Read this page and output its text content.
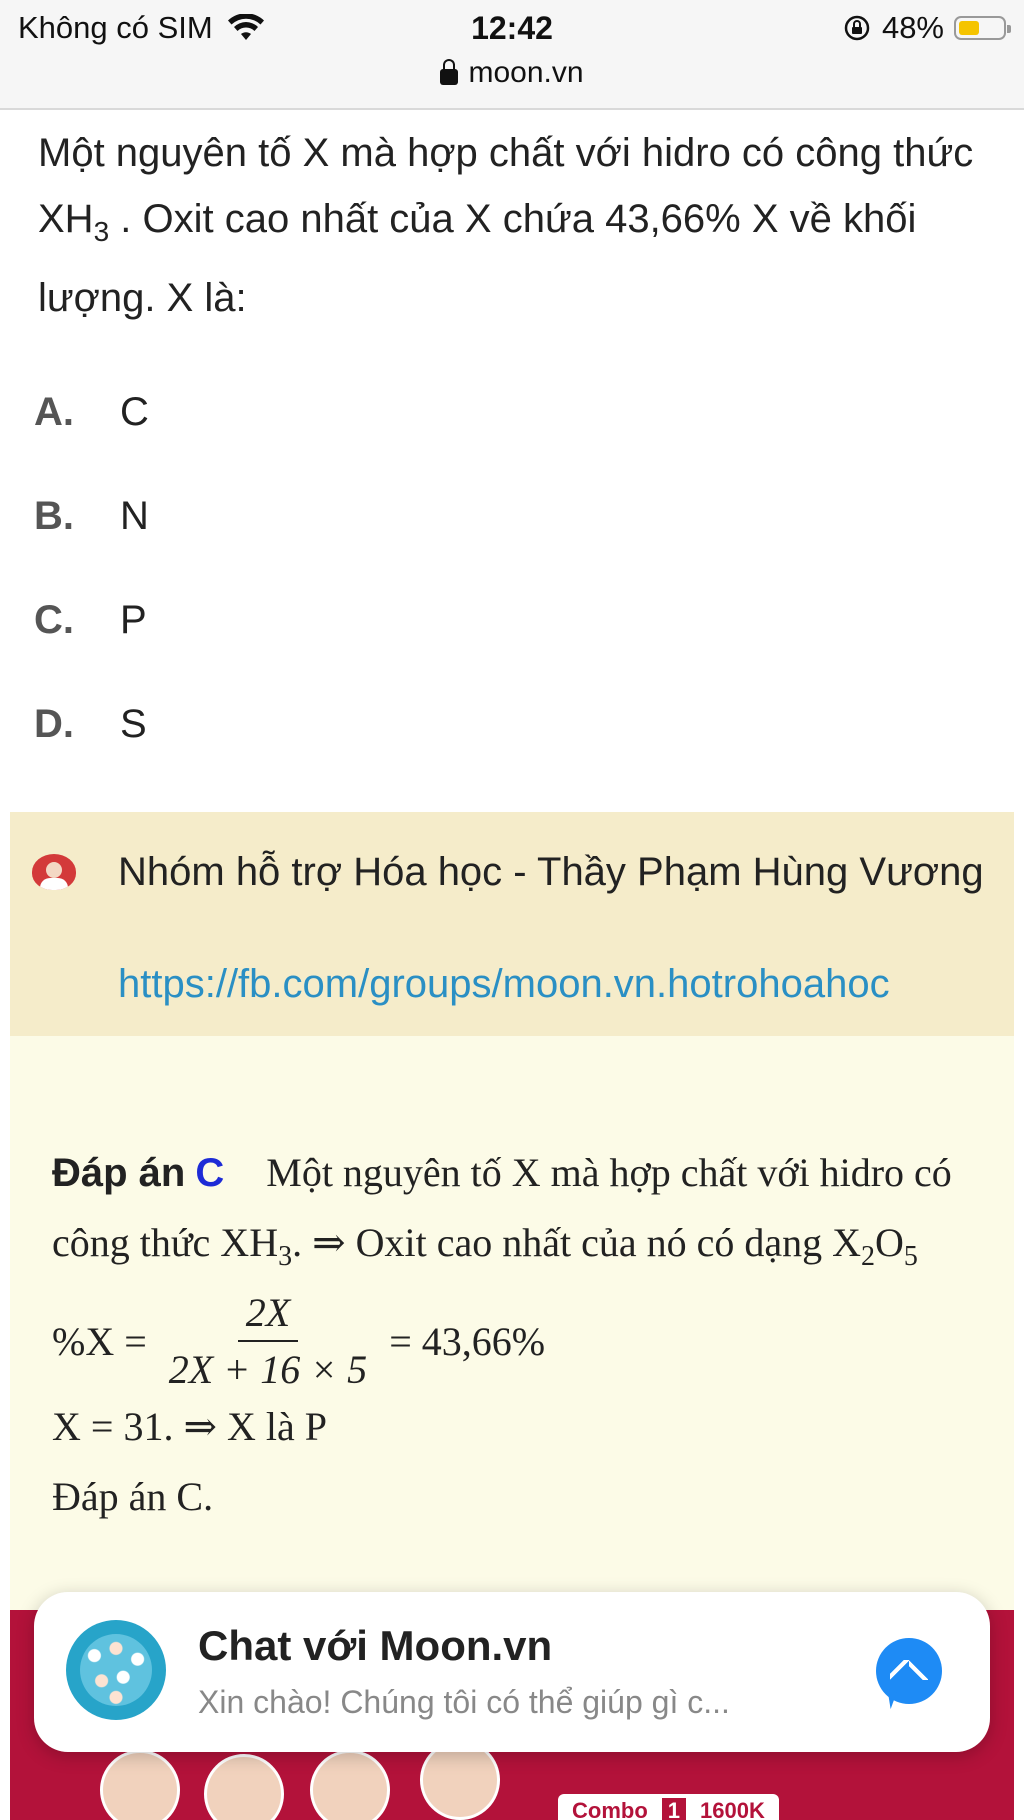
Không có SIM	12:42	48%
moon.vn
Một nguyên tố X mà hợp chất với hidro có công thức $XH_3$ . Oxit cao nhất của X chứa 43,66% X về khối lượng. X là:
A.	C
B.	N
C.	P
D.	S
Nhóm hỗ trợ Hóa học - Thầy Phạm Hùng Vương
https://fb.com/groups/moon.vn.hotrohoahoc
Đáp án C Một nguyên tố X mà hợp chất với hidro có công thức $XH_3$. ⇒ Oxit cao nhất của nó có dạng $X_2O_5$
$\%X = \frac{2X}{2X + 16 \times 5} = 43,66\%$
X = 31. ⇒ X là P
Đáp án C.
Combo 1 1600K
Chat với Moon.vn
Xin chào! Chúng tôi có thể giúp gì c...
